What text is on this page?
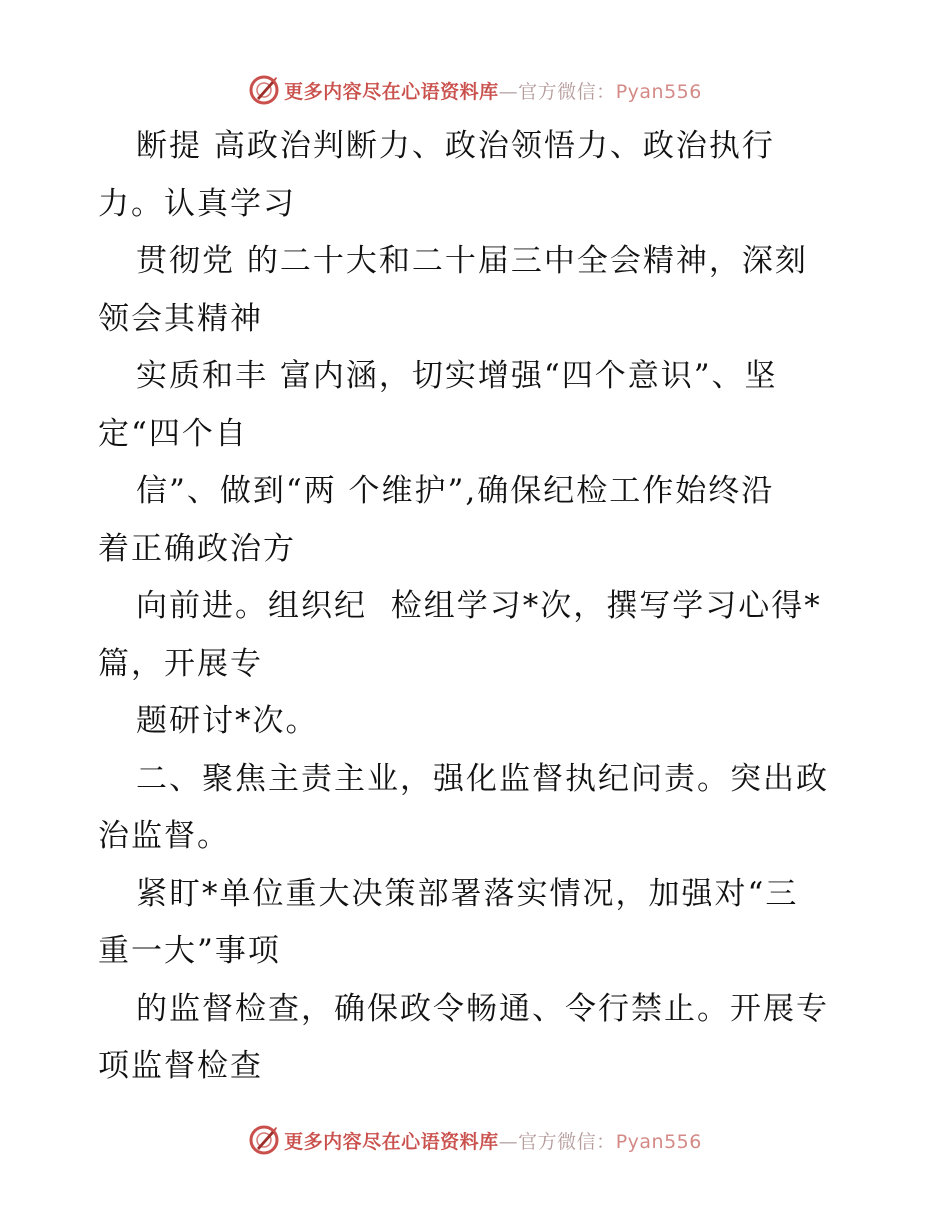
更多内容尽在心语资料库—官方微信：Pyan556
断提 高政治判断力、政治领悟力、政治执行
力。认真学习
贯彻党 的二十大和二十届三中全会精神，深刻
领会其精神
实质和丰 富内涵，切实增强“四个意识”、坚
定“四个自
信”、做到“两 个维护”,确保纪检工作始终沿
着正确政治方
向前进。组织纪  检组学习*次，撰写学习心得*
篇，开展专
题研讨*次。
二、聚焦主责主业，强化监督执纪问责。突出政
治监督。
紧盯*单位重大决策部署落实情况，加强对“三
重一大”事项
的监督检查，确保政令畅通、令行禁止。开展专
项监督检查
更多内容尽在心语资料库—官方微信：Pyan556
